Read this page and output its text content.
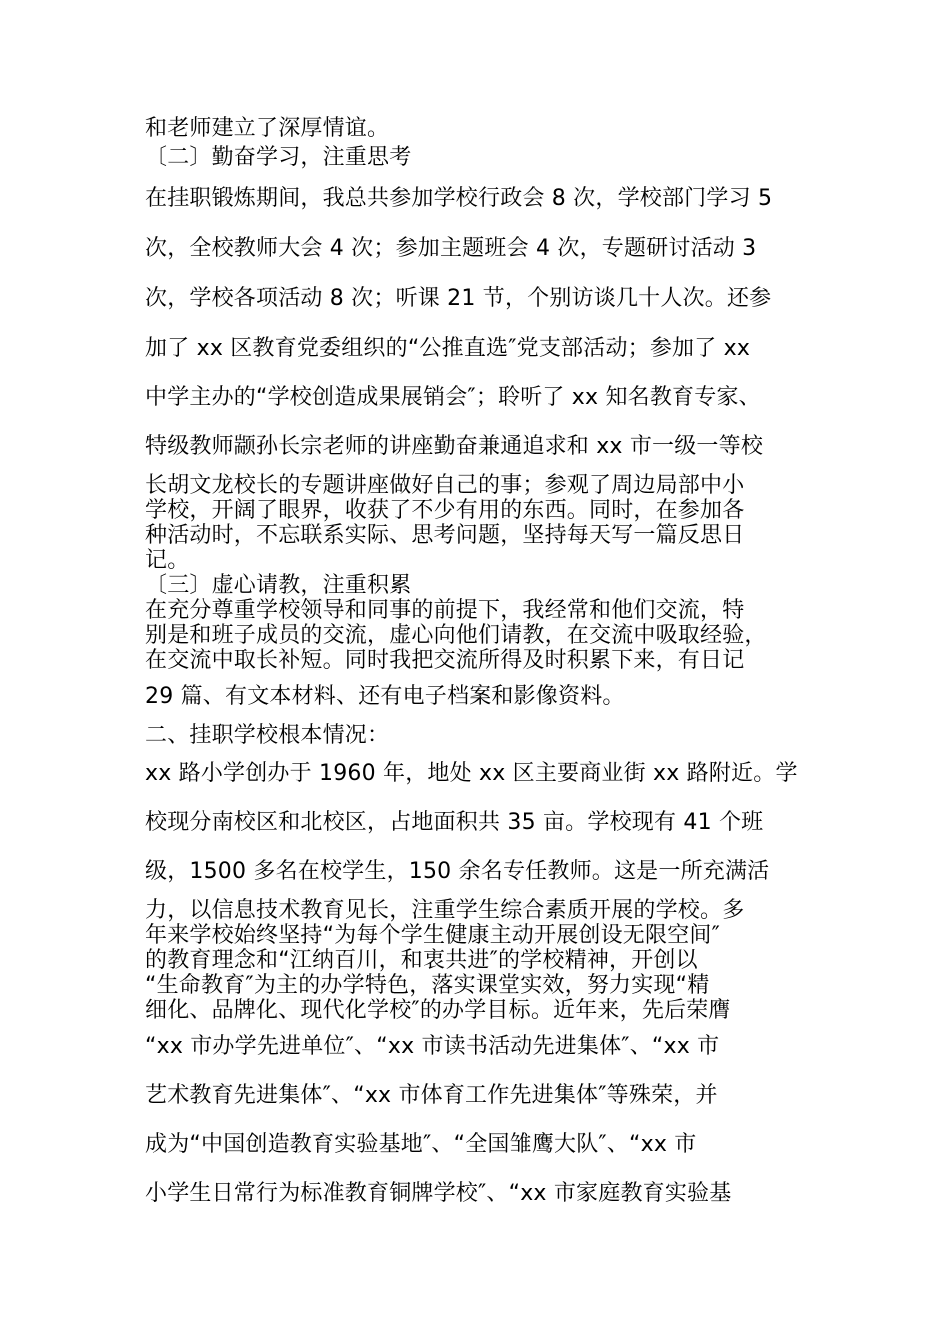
和老师建立了深厚情谊。
〔二〕勤奋学习，注重思考
在挂职锻炼期间，我总共参加学校行政会 8 次，学校部门学习 5
次，全校教师大会 4 次；参加主题班会 4 次，专题研讨活动 3
次，学校各项活动 8 次；听课 21 节，个别访谈几十人次。还参
加了 xx 区教育党委组织的“公推直选″党支部活动；参加了 xx
中学主办的“学校创造成果展销会″；聆听了 xx 知名教育专家、
特级教师颛孙长宗老师的讲座勤奋兼通追求和 xx 市一级一等校
长胡文龙校长的专题讲座做好自己的事；参观了周边局部中小
学校，开阔了眼界，收获了不少有用的东西。同时，在参加各
种活动时，不忘联系实际、思考问题，坚持每天写一篇反思日
记。
〔三〕虚心请教，注重积累
在充分尊重学校领导和同事的前提下，我经常和他们交流，特
别是和班子成员的交流，虚心向他们请教，在交流中吸取经验，
在交流中取长补短。同时我把交流所得及时积累下来，有日记
29 篇、有文本材料、还有电子档案和影像资料。
二、挂职学校根本情况：
xx 路小学创办于 1960 年，地处 xx 区主要商业街 xx 路附近。学
校现分南校区和北校区，占地面积共 35 亩。学校现有 41 个班
级，1500 多名在校学生，150 余名专任教师。这是一所充满活
力，以信息技术教育见长，注重学生综合素质开展的学校。多
年来学校始终坚持“为每个学生健康主动开展创设无限空间″
的教育理念和“江纳百川，和衷共进″的学校精神，开创以
“生命教育″为主的办学特色，落实课堂实效，努力实现“精
细化、品牌化、现代化学校″的办学目标。近年来，先后荣膺
“xx 市办学先进单位″、“xx 市读书活动先进集体″、“xx 市
艺术教育先进集体″、“xx 市体育工作先进集体″等殊荣，并
成为“中国创造教育实验基地″、“全国雏鹰大队″、“xx 市
小学生日常行为标准教育铜牌学校″、“xx 市家庭教育实验基
